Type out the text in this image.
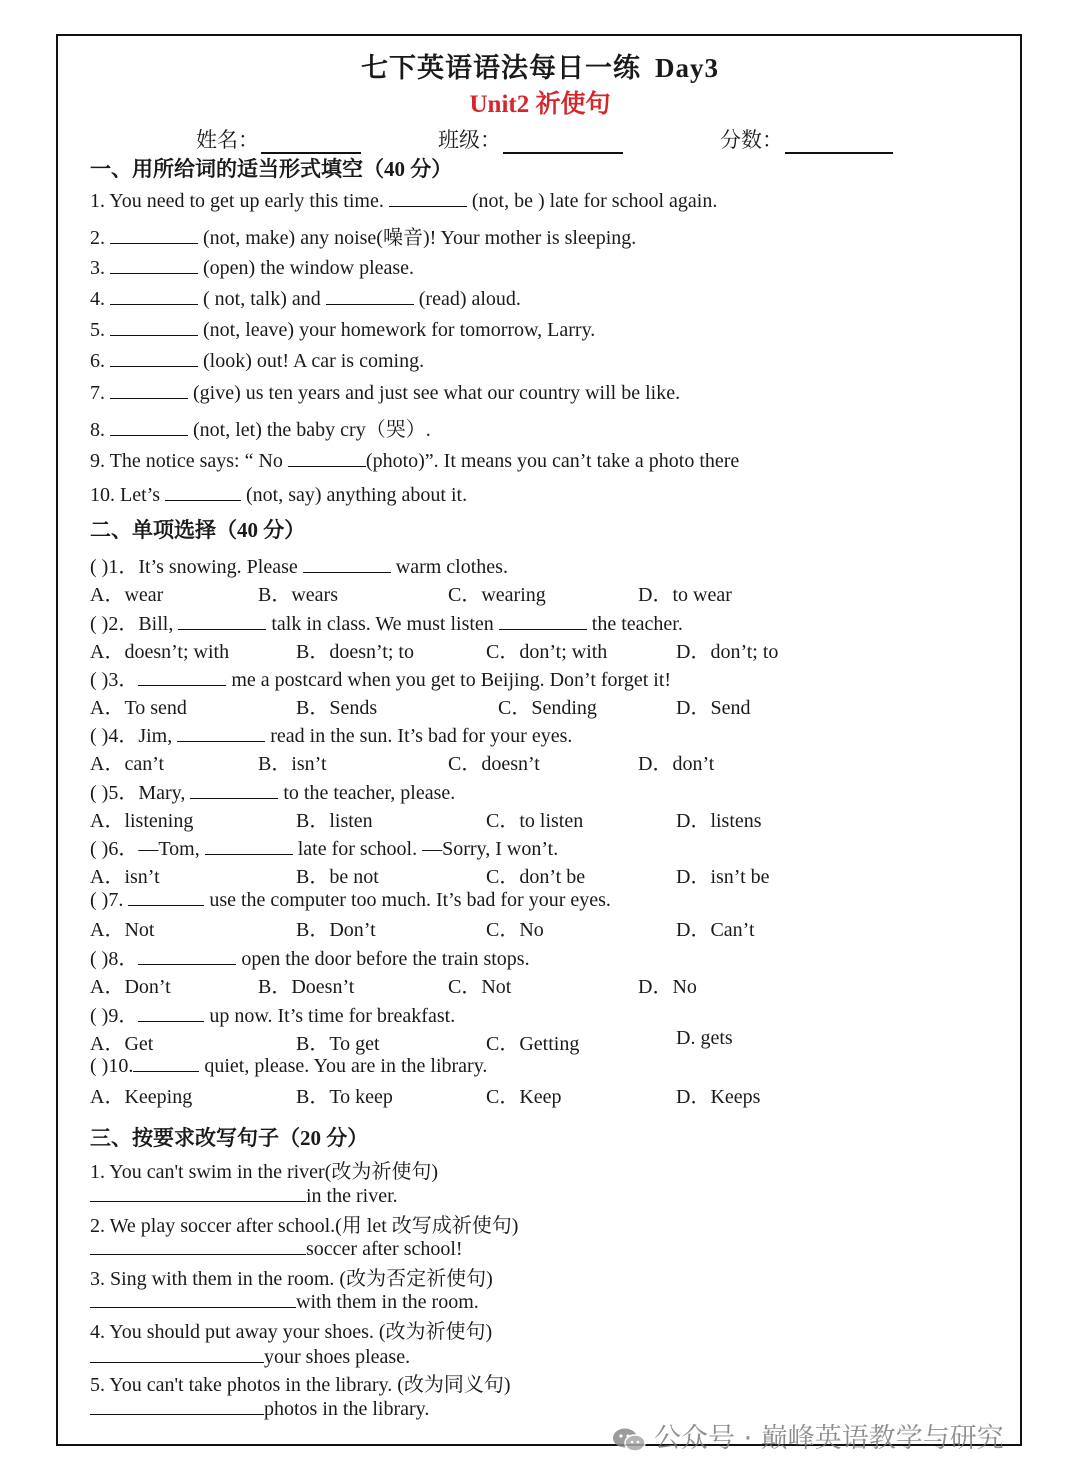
七下英语语法每日一练 Day3
Unit2 祈使句
姓名：	班级：	分数：
一、用所给词的适当形式填空（40 分）
1. You need to get up early this time.	(not, be ) late for school again.
2.	(not, make) any noise(噪音)! Your mother is sleeping.
3.	(open) the window please.
4.	( not, talk) and	(read) aloud.
5.	(not, leave) your homework for tomorrow, Larry.
6.	(look) out! A car is coming.
7.	(give) us ten years and just see what our country will be like.
8.	(not, let) the baby cry（哭）.
9. The notice says: “ No	(photo)”. It means you can’t take a photo there
10. Let’s	(not, say) anything about it.
二、单项选择（40 分）
( )1．It’s snowing. Please	warm clothes.
A．wear	B．wears	C．wearing	D．to wear
( )2．Bill,	talk in class. We must listen	the teacher.
A．doesn’t; with	B．doesn’t; to	C．don’t; with	D．don’t; to
( )3．	me a postcard when you get to Beijing. Don’t forget it!
A．To send	B．Sends	C．Sending	D．Send
( )4．Jim,	read in the sun. It’s bad for your eyes.
A．can’t	B．isn’t	C．doesn’t	D．don’t
( )5．Mary,	to the teacher, please.
A．listening	B．listen	C．to listen	D．listens
( )6．—Tom,	late for school. —Sorry, I won’t.
A．isn’t	B．be not	C．don’t be	D．isn’t be
( )7.	use the computer too much. It’s bad for your eyes.
A．Not	B．Don’t	C．No	D．Can’t
( )8．	open the door before the train stops.
A．Don’t	B．Doesn’t	C．Not	D．No
( )9．	up now. It’s time for breakfast.
A．Get	B．To get	C．Getting	D. gets
( )10.	quiet, please. You are in the library.
A．Keeping	B．To keep	C．Keep	D．Keeps
三、按要求改写句子（20 分）
1. You can't swim in the river(改为祈使句)
in the river.
2. We play soccer after school.(用 let 改写成祈使句)
soccer after school!
3. Sing with them in the room. (改为否定祈使句)
with them in the room.
4. You should put away your shoes. (改为祈使句)
your shoes please.
5. You can't take photos in the library. (改为同义句)
photos in the library.
公众号 · 巅峰英语教学与研究
